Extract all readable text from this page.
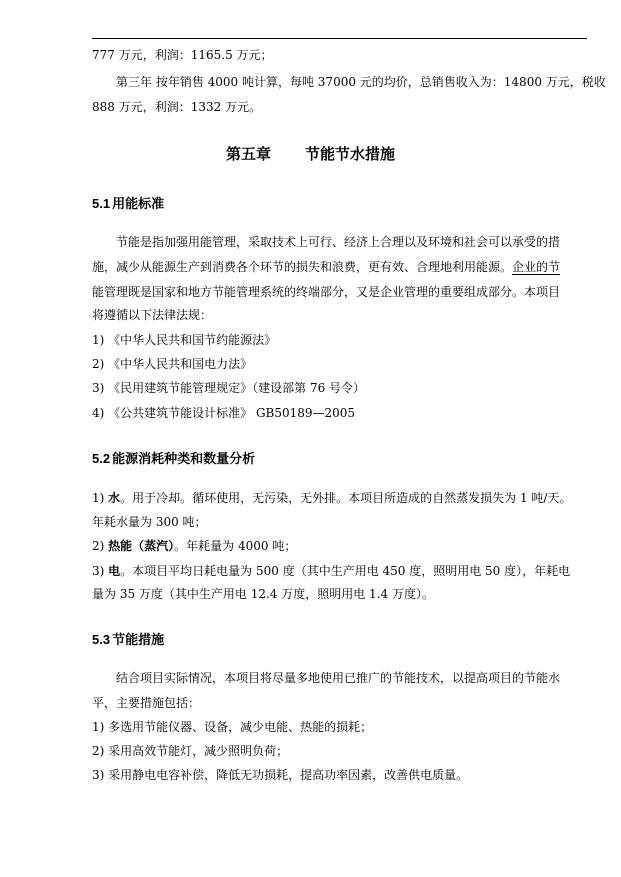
777 万元，利润：1165.5 万元；
第三年 按年销售 4000 吨计算，每吨 37000 元的均价，总销售收入为：14800 万元，税收
888 万元，利润：1332 万元。
第五章 节能节水措施
5.1 用能标准
节能是指加强用能管理，采取技术上可行、经济上合理以及环境和社会可以承受的措
施，减少从能源生产到消费各个环节的损失和浪费，更有效、合理地利用能源。企业的节
能管理既是国家和地方节能管理系统的终端部分，又是企业管理的重要组成部分。本项目
将遵循以下法律法规：
1) 《中华人民共和国节约能源法》
2) 《中华人民共和国电力法》
3) 《民用建筑节能管理规定》（建设部第 76 号令）
4) 《公共建筑节能设计标准》 GB50189—2005
5.2 能源消耗种类和数量分析
1) 水。用于冷却。循环使用，无污染，无外排。本项目所造成的自然蒸发损失为 1 吨/天。
年耗水量为 300 吨；
2) 热能（蒸汽）。年耗量为 4000 吨；
3) 电。本项目平均日耗电量为 500 度（其中生产用电 450 度，照明用电 50 度），年耗电
量为 35 万度（其中生产用电 12.4 万度，照明用电 1.4 万度）。
5.3 节能措施
结合项目实际情况，本项目将尽量多地使用已推广的节能技术，以提高项目的节能水
平，主要措施包括：
1) 多选用节能仪器、设备，减少电能、热能的损耗；
2) 采用高效节能灯，减少照明负荷；
3) 采用静电电容补偿，降低无功损耗，提高功率因素，改善供电质量。
